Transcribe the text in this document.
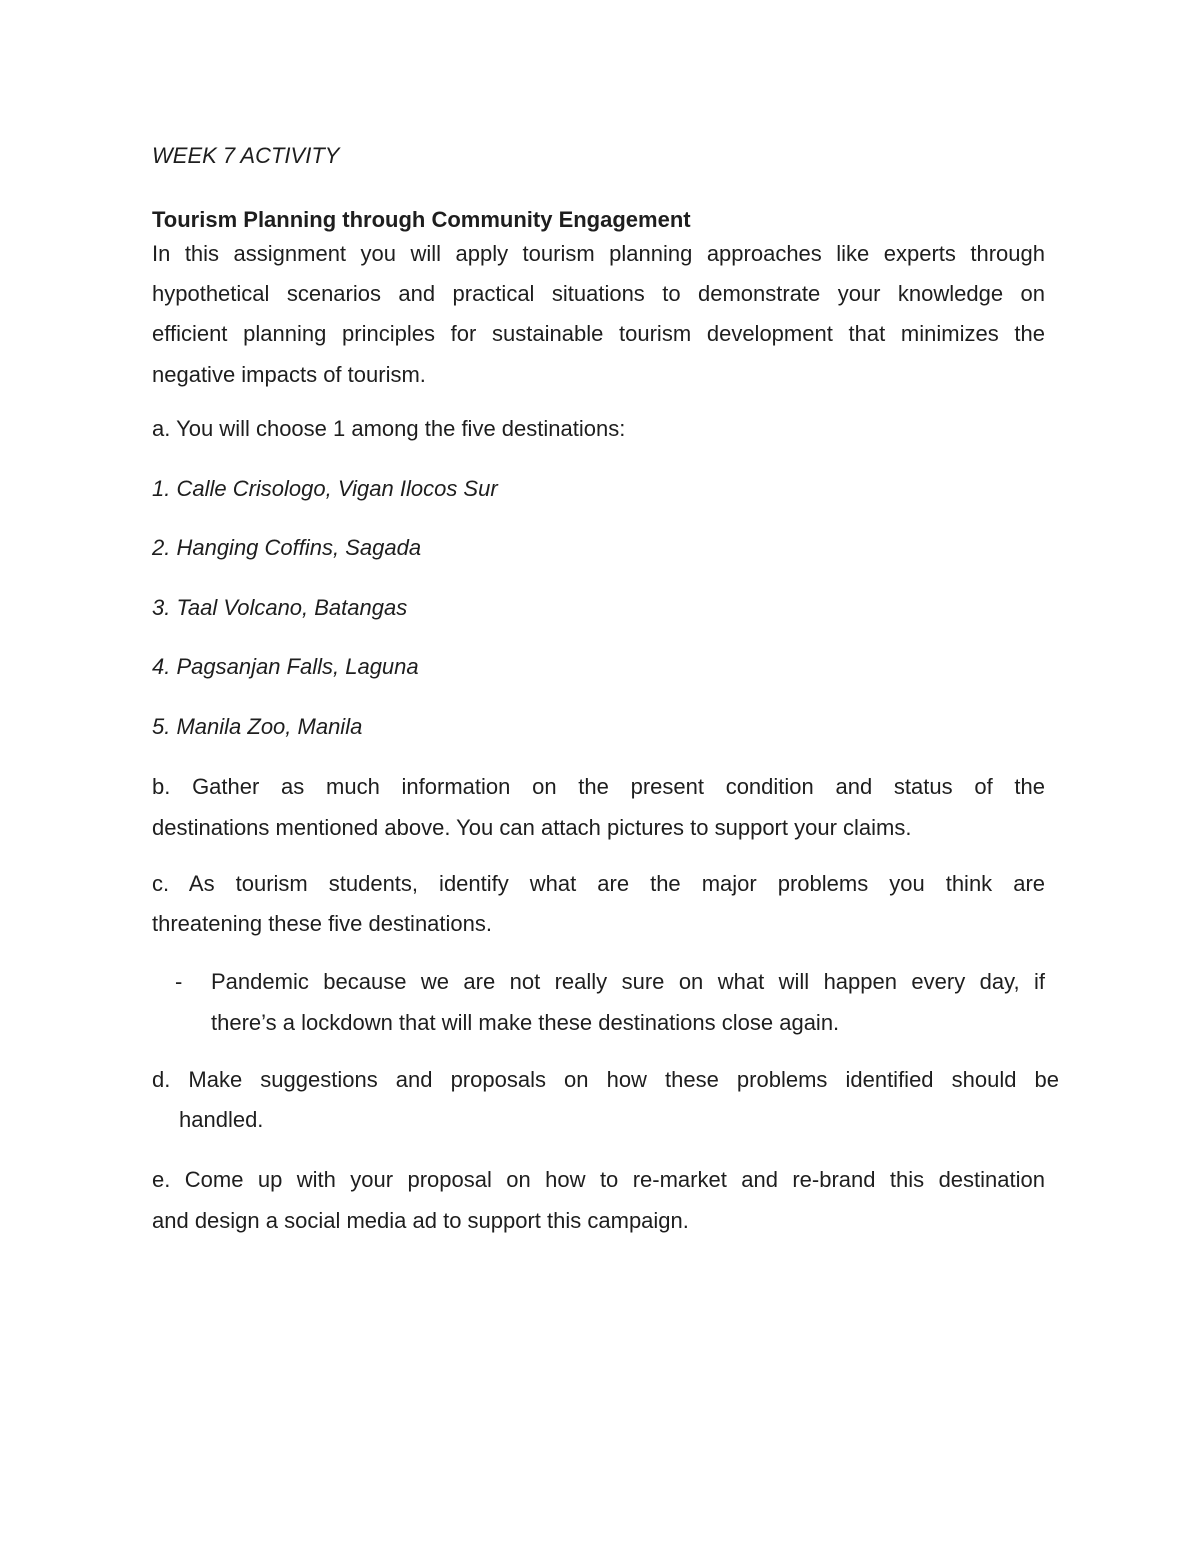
WEEK 7 ACTIVITY
Tourism Planning through Community Engagement
In this assignment you will apply tourism planning approaches like experts through
hypothetical scenarios and practical situations to demonstrate your knowledge on
efficient planning principles for sustainable tourism development that minimizes the
negative impacts of tourism.
a. You will choose 1 among the five destinations:
1. Calle Crisologo, Vigan Ilocos Sur
2. Hanging Coffins, Sagada
3. Taal Volcano, Batangas
4. Pagsanjan Falls, Laguna
5. Manila Zoo, Manila
b. Gather as much information on the present condition and status of the
destinations mentioned above. You can attach pictures to support your claims.
c. As tourism students, identify what are the major problems you think are
threatening these five destinations.
- Pandemic because we are not really sure on what will happen every day, if
there’s a lockdown that will make these destinations close again.
d. Make suggestions and proposals on how these problems identified should be
handled.
e. Come up with your proposal on how to re-market and re-brand this destination
and design a social media ad to support this campaign.
